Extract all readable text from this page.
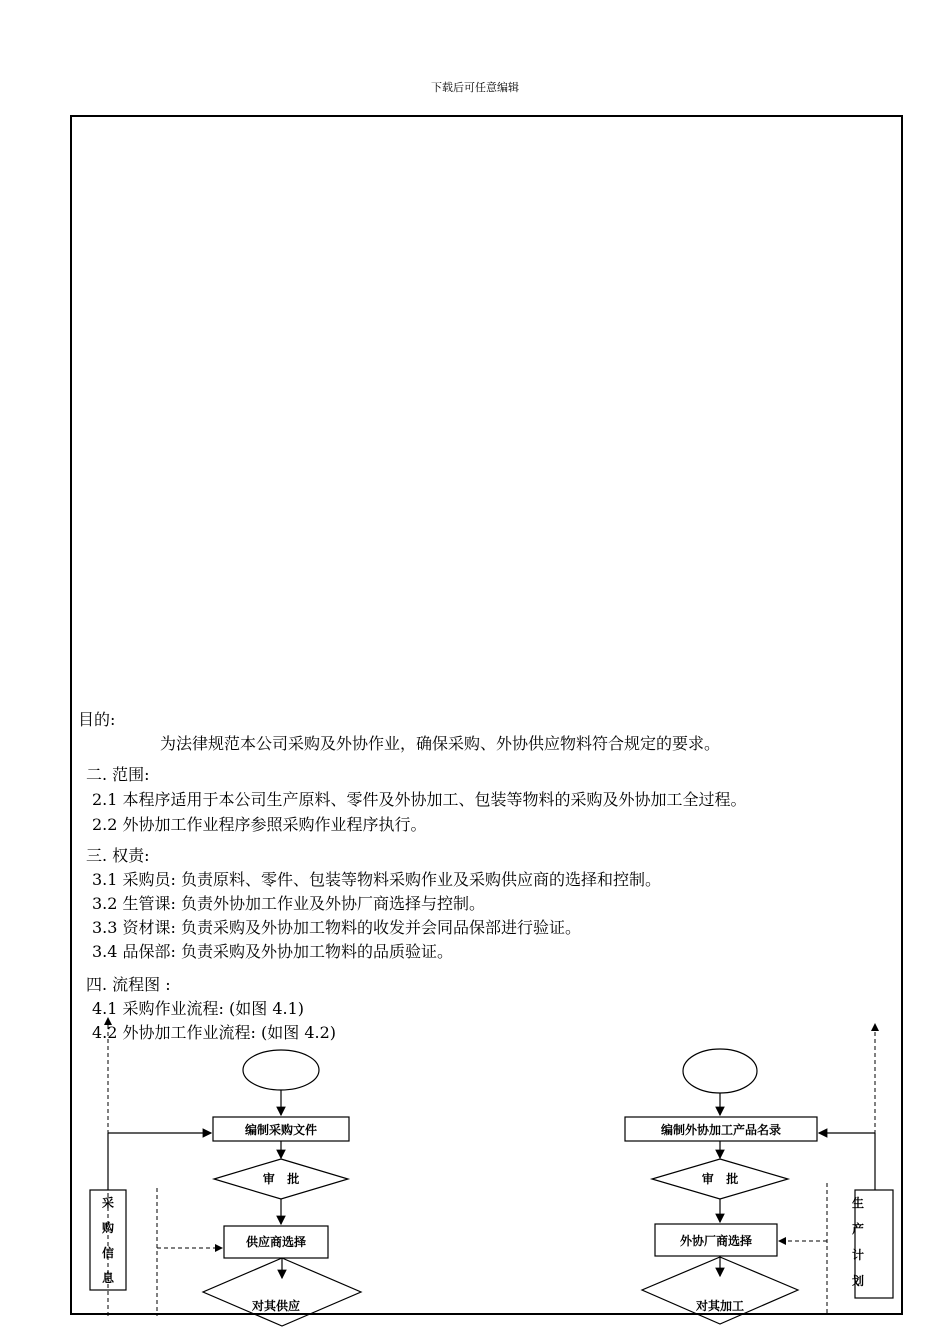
下载后可任意编辑
目的:
为法律规范本公司采购及外协作业，确保采购、外协供应物料符合规定的要求。
二. 范围:
2.1 本程序适用于本公司生产原料、零件及外协加工、包装等物料的采购及外协加工全过程。
2.2 外协加工作业程序参照采购作业程序执行。
三. 权责:
3.1 采购员: 负责原料、零件、包装等物料采购作业及采购供应商的选择和控制。
3.2 生管课: 负责外协加工作业及外协厂商选择与控制。
3.3 资材课: 负责采购及外协加工物料的收发并会同品保部进行验证。
3.4 品保部: 负责采购及外协加工物料的品质验证。
四. 流程图 :
4.1 采购作业流程: (如图 4.1)
4.2 外协加工作业流程: (如图 4.2)
编制采购文件
审   批
供应商选择
对其供应
采
购
信
息
编制外协加工产品名录
审   批
外协厂商选择
对其加工
生
产
计
划
